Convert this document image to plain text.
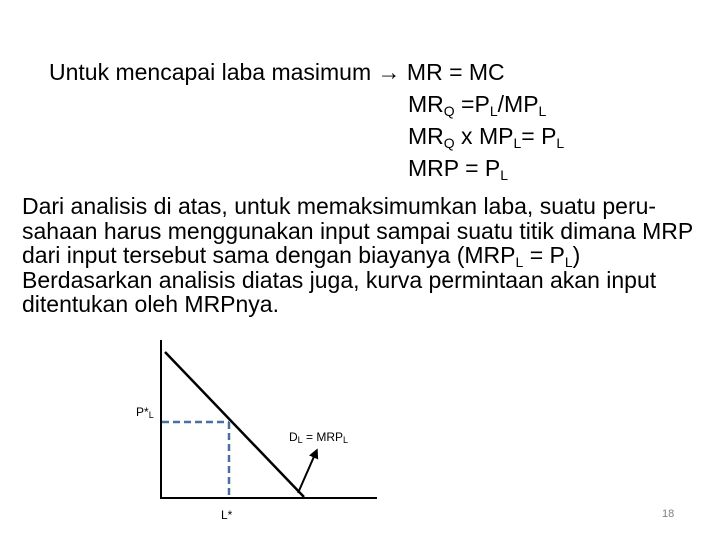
Untuk mencapai laba masimum → MR = MC
$MR_Q =P_L/MP_L$
$MR_Q$ x $MP_L= P_L$
MRP = $P_L$

Dari analisis di atas, untuk memaksimumkan laba, suatu peru-sahaan harus menggunakan input sampai suatu titik dimana MRP dari input tersebut sama dengan biayanya $(MRP_L = P_L)$

Berdasarkan analisis diatas juga, kurva permintaan akan input ditentukan oleh MRPnya.

$P*_L$
L*
$D_L = MRP_L$
18
